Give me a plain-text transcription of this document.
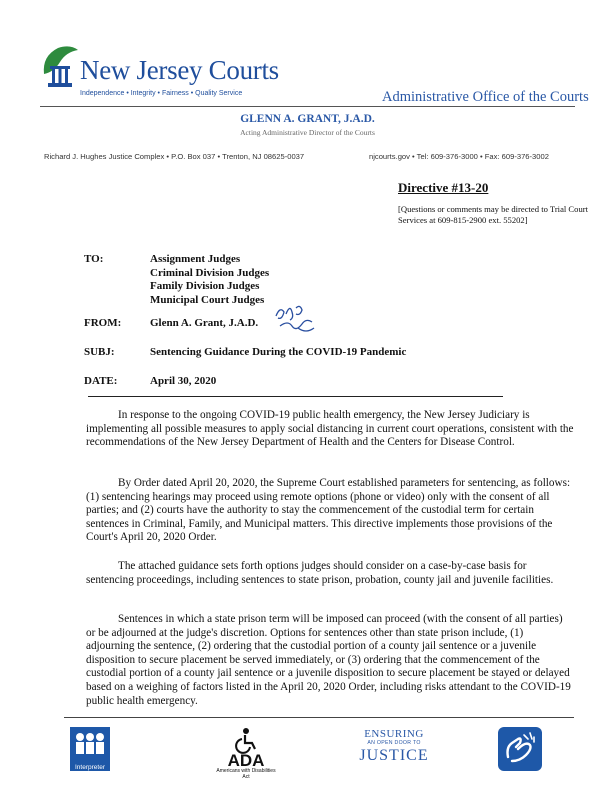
New Jersey Courts
Independence • Integrity • Fairness • Quality Service	Administrative Office of the Courts
GLENN A. GRANT, J.A.D.
Acting Administrative Director of the Courts
Richard J. Hughes Justice Complex • P.O. Box 037 • Trenton, NJ 08625-0037	njcourts.gov • Tel: 609-376-3000 • Fax: 609-376-3002
Directive #13-20
[Questions or comments may be directed to Trial Court Services at 609-815-2900 ext. 55202]
TO:	Assignment Judges
Criminal Division Judges
Family Division Judges
Municipal Court Judges
FROM:	Glenn A. Grant, J.A.D.
SUBJ:	Sentencing Guidance During the COVID-19 Pandemic
DATE:	April 30, 2020
In response to the ongoing COVID-19 public health emergency, the New Jersey Judiciary is implementing all possible measures to apply social distancing in current court operations, consistent with the recommendations of the New Jersey Department of Health and the Centers for Disease Control.
By Order dated April 20, 2020, the Supreme Court established parameters for sentencing, as follows: (1) sentencing hearings may proceed using remote options (phone or video) only with the consent of all parties; and (2) courts have the authority to stay the commencement of the custodial term for certain sentences in Criminal, Family, and Municipal matters. This directive implements those provisions of the Court's April 20, 2020 Order.
The attached guidance sets forth options judges should consider on a case-by-case basis for sentencing proceedings, including sentences to state prison, probation, county jail and juvenile facilities.
Sentences in which a state prison term will be imposed can proceed (with the consent of all parties) or be adjourned at the judge's discretion. Options for sentences other than state prison include, (1) adjourning the sentence, (2) ordering that the custodial portion of a county jail sentence or a juvenile disposition to secure placement be served immediately, or (3) ordering that the commencement of the custodial portion of a county jail sentence or a juvenile disposition to secure placement be stayed or delayed based on a weighing of factors listed in the April 20, 2020 Order, including risks attendant to the COVID-19 public health emergency.
Interpreter	ADA
Americans with Disabilities Act
ENSURING
AN OPEN DOOR TO
JUSTICE
